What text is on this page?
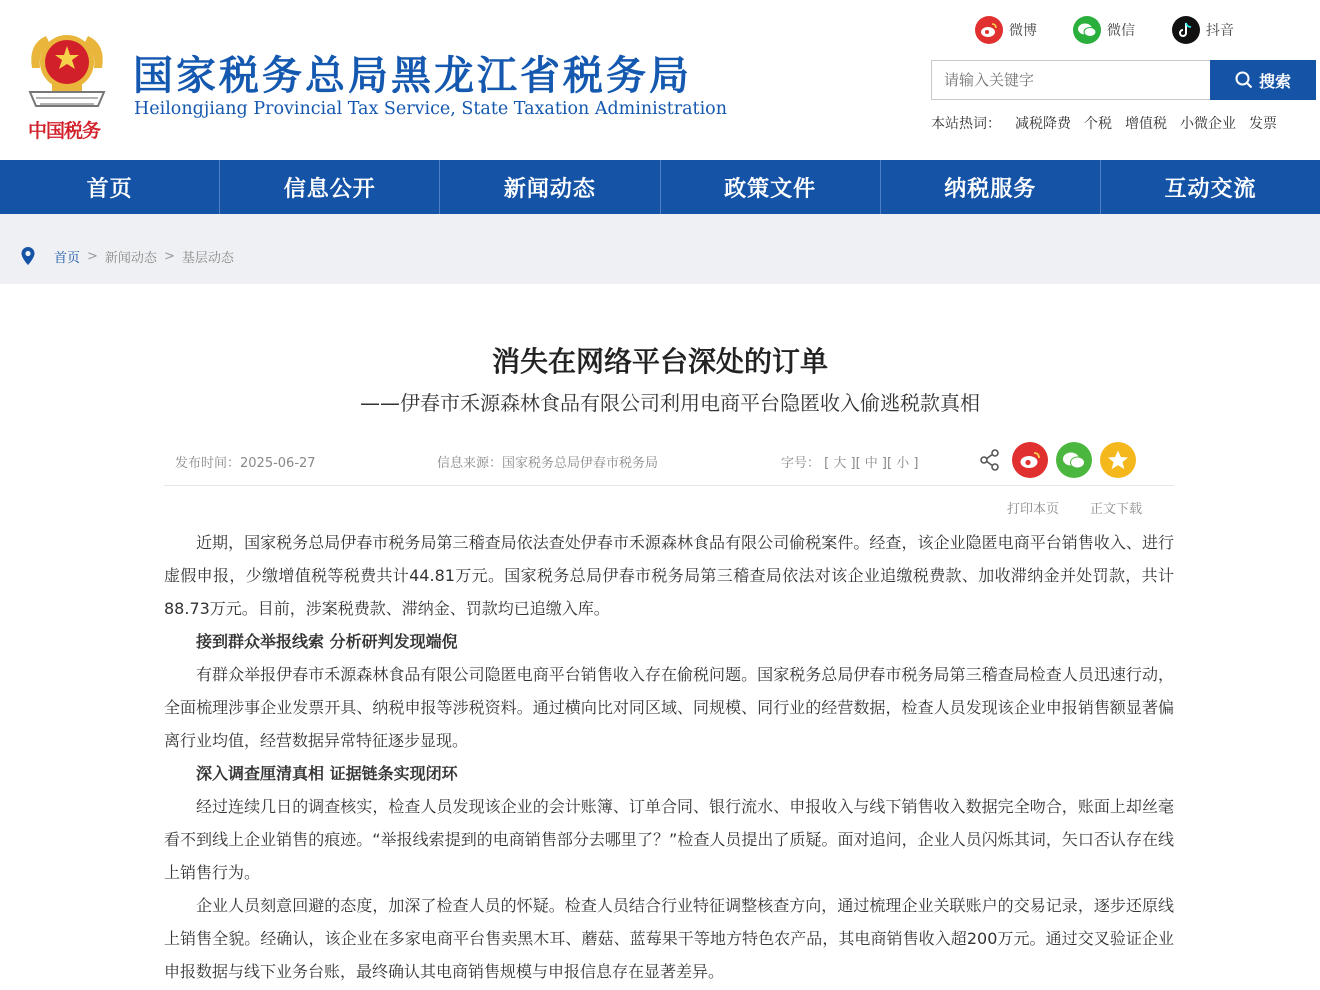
中国税务
国家税务总局黑龙江省税务局
Heilongjiang Provincial Tax Service, State Taxation Administration
微博	微信	抖音
请输入关键字
搜索
本站热词： 减税降费 个税 增值税 小微企业 发票
首页	信息公开	新闻动态	政策文件	纳税服务	互动交流
首页 > 新闻动态 > 基层动态
消失在网络平台深处的订单
——伊春市禾源森林食品有限公司利用电商平台隐匿收入偷逃税款真相
发布时间：2025-06-27	信息来源：国家税务总局伊春市税务局	字号： [ 大 ][ 中 ][ 小 ]
打印本页 正文下载

近期，国家税务总局伊春市税务局第三稽查局依法查处伊春市禾源森林食品有限公司偷税案件。经查，该企业隐匿电商平台销售收入、进行虚假申报，少缴增值税等税费共计44.81万元。国家税务总局伊春市税务局第三稽查局依法对该企业追缴税费款、加收滞纳金并处罚款，共计88.73万元。目前，涉案税费款、滞纳金、罚款均已追缴入库。

接到群众举报线索 分析研判发现端倪

有群众举报伊春市禾源森林食品有限公司隐匿电商平台销售收入存在偷税问题。国家税务总局伊春市税务局第三稽查局检查人员迅速行动，全面梳理涉事企业发票开具、纳税申报等涉税资料。通过横向比对同区域、同规模、同行业的经营数据，检查人员发现该企业申报销售额显著偏离行业均值，经营数据异常特征逐步显现。

深入调查厘清真相 证据链条实现闭环

经过连续几日的调查核实，检查人员发现该企业的会计账簿、订单合同、银行流水、申报收入与线下销售收入数据完全吻合，账面上却丝毫看不到线上企业销售的痕迹。“举报线索提到的电商销售部分去哪里了？”检查人员提出了质疑。面对追问，企业人员闪烁其词，矢口否认存在线上销售行为。

企业人员刻意回避的态度，加深了检查人员的怀疑。检查人员结合行业特征调整核查方向，通过梳理企业关联账户的交易记录，逐步还原线上销售全貌。经确认，该企业在多家电商平台售卖黑木耳、蘑菇、蓝莓果干等地方特色农产品，其电商销售收入超200万元。通过交叉验证企业申报数据与线下业务台账，最终确认其电商销售规模与申报信息存在显著差异。
